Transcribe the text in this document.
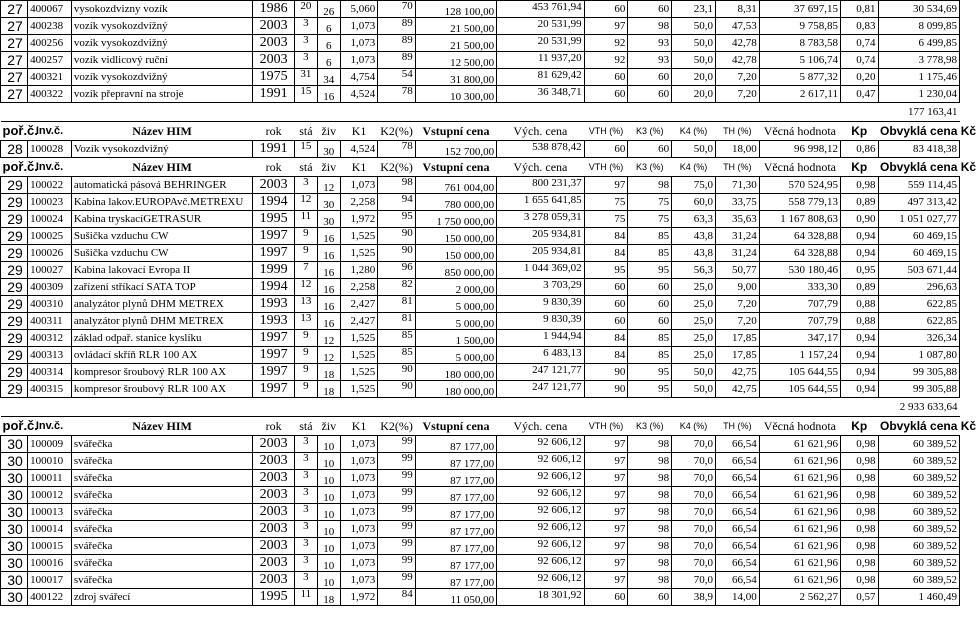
27	400067	vysokozdvizny vozík	1986	20	26	5,060	70	128 100,00	453 761,94	60	60	23,1	8,31	37 697,15	0,81	30 534,69
27	400238	vozík vysokozdvížný	2003	3	6	1,073	89	21 500,00	20 531,99	97	98	50,0	47,53	9 758,85	0,83	8 099,85
27	400256	vozík vysokozdvižný	2003	3	6	1,073	89	21 500,00	20 531,99	92	93	50,0	42,78	8 783,58	0,74	6 499,85
27	400257	vozík vidlicový ruční	2003	3	6	1,073	89	12 500,00	11 937,20	92	93	50,0	42,78	5 106,74	0,74	3 778,98
27	400321	vozík vysokozdvižný	1975	31	34	4,754	54	31 800,00	81 629,42	60	60	20,0	7,20	5 877,32	0,20	1 175,46
27	400322	vozík přepravní na stroje	1991	15	16	4,524	78	10 300,00	36 348,71	60	60	20,0	7,20	2 617,11	0,47	1 230,04
																177 163,41
poř.č.	Inv.č.	Název HIM	rok	stá	živ	K1	K2(%)	Vstupní cena	Vých. cena	VTH (%)	K3 (%)	K4 (%)	TH (%)	Věcná hodnota	Kp	Obvyklá cena Kč
28	100028	Vozík vysokozdvižný	1991	15	30	4,524	78	152 700,00	538 878,42	60	60	50,0	18,00	96 998,12	0,86	83 418,38
poř.č.	Inv.č.	Název HIM	rok	stá	živ	K1	K2(%)	Vstupní cena	Vých. cena	VTH (%)	K3 (%)	K4 (%)	TH (%)	Věcná hodnota	Kp	Obvyklá cena Kč
29	100022	automatická pásová BEHRINGER	2003	3	12	1,073	98	761 004,00	800 231,37	97	98	75,0	71,30	570 524,95	0,98	559 114,45
29	100023	Kabina lakov.EUROPAvč.METREXU	1994	12	30	2,258	94	780 000,00	1 655 641,85	75	75	60,0	33,75	558 779,13	0,89	497 313,42
29	100024	Kabina tryskacíGETRASUR	1995	11	30	1,972	95	1 750 000,00	3 278 059,31	75	75	63,3	35,63	1 167 808,63	0,90	1 051 027,77
29	100025	Sušička vzduchu CW	1997	9	16	1,525	90	150 000,00	205 934,81	84	85	43,8	31,24	64 328,88	0,94	60 469,15
29	100026	Sušička vzduchu CW	1997	9	16	1,525	90	150 000,00	205 934,81	84	85	43,8	31,24	64 328,88	0,94	60 469,15
29	100027	Kabina lakovací Evropa II	1999	7	16	1,280	96	850 000,00	1 044 369,02	95	95	56,3	50,77	530 180,46	0,95	503 671,44
29	400309	zařízení stříkací SATA TOP	1994	12	16	2,258	82	2 000,00	3 703,29	60	60	25,0	9,00	333,30	0,89	296,63
29	400310	analyzátor plynů DHM METREX	1993	13	16	2,427	81	5 000,00	9 830,39	60	60	25,0	7,20	707,79	0,88	622,85
29	400311	analyzátor plynů DHM METREX	1993	13	16	2,427	81	5 000,00	9 830,39	60	60	25,0	7,20	707,79	0,88	622,85
29	400312	základ odpař. stanice kyslíku	1997	9	12	1,525	85	1 500,00	1 944,94	84	85	25,0	17,85	347,17	0,94	326,34
29	400313	ovládací skříň RLR 100 AX	1997	9	12	1,525	85	5 000,00	6 483,13	84	85	25,0	17,85	1 157,24	0,94	1 087,80
29	400314	kompresor šroubový RLR 100 AX	1997	9	18	1,525	90	180 000,00	247 121,77	90	95	50,0	42,75	105 644,55	0,94	99 305,88
29	400315	kompresor šroubový RLR 100 AX	1997	9	18	1,525	90	180 000,00	247 121,77	90	95	50,0	42,75	105 644,55	0,94	99 305,88
																2 933 633,64
poř.č.	Inv.č.	Název HIM	rok	stá	živ	K1	K2(%)	Vstupní cena	Vých. cena	VTH (%)	K3 (%)	K4 (%)	TH (%)	Věcná hodnota	Kp	Obvyklá cena Kč
30	100009	svářečka	2003	3	10	1,073	99	87 177,00	92 606,12	97	98	70,0	66,54	61 621,96	0,98	60 389,52
30	100010	svářečka	2003	3	10	1,073	99	87 177,00	92 606,12	97	98	70,0	66,54	61 621,96	0,98	60 389,52
30	100011	svářečka	2003	3	10	1,073	99	87 177,00	92 606,12	97	98	70,0	66,54	61 621,96	0,98	60 389,52
30	100012	svářečka	2003	3	10	1,073	99	87 177,00	92 606,12	97	98	70,0	66,54	61 621,96	0,98	60 389,52
30	100013	svářečka	2003	3	10	1,073	99	87 177,00	92 606,12	97	98	70,0	66,54	61 621,96	0,98	60 389,52
30	100014	svářečka	2003	3	10	1,073	99	87 177,00	92 606,12	97	98	70,0	66,54	61 621,96	0,98	60 389,52
30	100015	svářečka	2003	3	10	1,073	99	87 177,00	92 606,12	97	98	70,0	66,54	61 621,96	0,98	60 389,52
30	100016	svářečka	2003	3	10	1,073	99	87 177,00	92 606,12	97	98	70,0	66,54	61 621,96	0,98	60 389,52
30	100017	svářečka	2003	3	10	1,073	99	87 177,00	92 606,12	97	98	70,0	66,54	61 621,96	0,98	60 389,52
30	400122	zdroj svářecí	1995	11	18	1,972	84	11 050,00	18 301,92	60	60	38,9	14,00	2 562,27	0,57	1 460,49
